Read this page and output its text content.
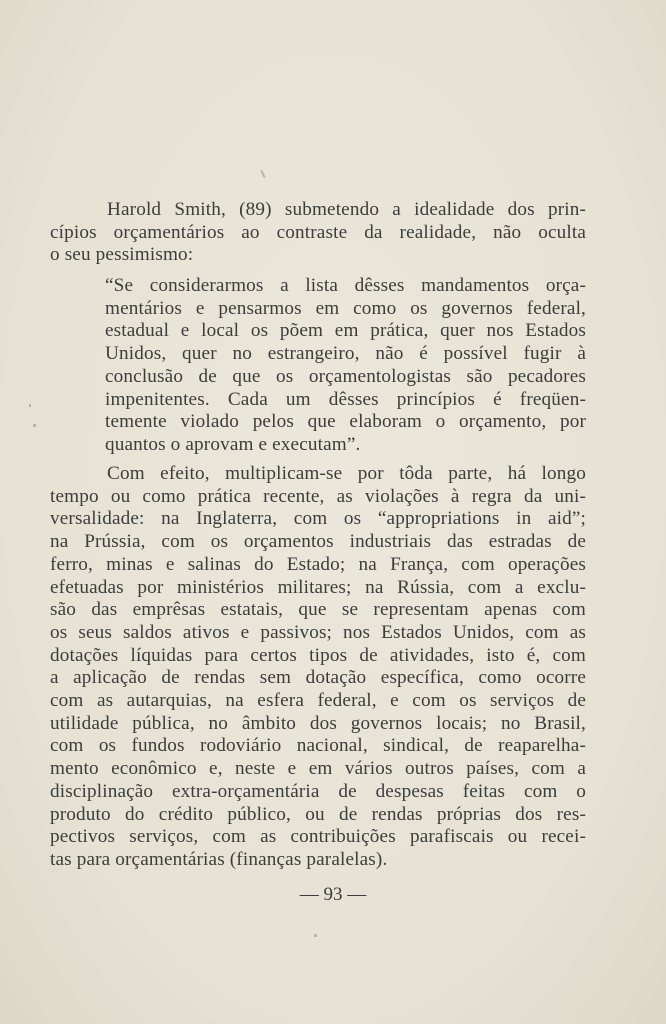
Harold Smith, (89) submetendo a idealidade dos prin-
cípios orçamentários ao contraste da realidade, não oculta
o seu pessimismo:
“Se considerarmos a lista dêsses mandamentos orça-
mentários e pensarmos em como os governos federal,
estadual e local os põem em prática, quer nos Estados
Unidos, quer no estrangeiro, não é possível fugir à
conclusão de que os orçamentologistas são pecadores
impenitentes. Cada um dêsses princípios é freqüen-
temente violado pelos que elaboram o orçamento, por
quantos o aprovam e executam”.
Com efeito, multiplicam-se por tôda parte, há longo
tempo ou como prática recente, as violações à regra da uni-
versalidade: na Inglaterra, com os “appropriations in aid”;
na Prússia, com os orçamentos industriais das estradas de
ferro, minas e salinas do Estado; na França, com operações
efetuadas por ministérios militares; na Rússia, com a exclu-
são das emprêsas estatais, que se representam apenas com
os seus saldos ativos e passivos; nos Estados Unidos, com as
dotações líquidas para certos tipos de atividades, isto é, com
a aplicação de rendas sem dotação específica, como ocorre
com as autarquias, na esfera federal, e com os serviços de
utilidade pública, no âmbito dos governos locais; no Brasil,
com os fundos rodoviário nacional, sindical, de reaparelha-
mento econômico e, neste e em vários outros países, com a
disciplinação extra-orçamentária de despesas feitas com o
produto do crédito público, ou de rendas próprias dos res-
pectivos serviços, com as contribuições parafiscais ou recei-
tas para orçamentárias (finanças paralelas).
— 93 —
